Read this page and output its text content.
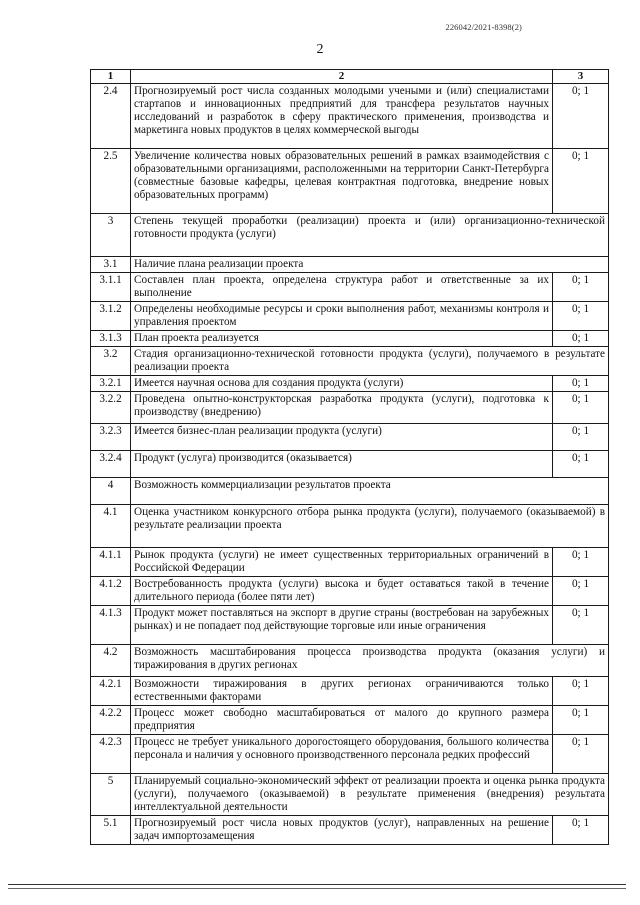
226042/2021-8398(2)
2
1	2	3
2.4	Прогнозируемый рост числа созданных молодыми учеными и (или) специалистами стартапов и инновационных предприятий для трансфера результатов научных исследований и разработок в сферу практического применения, производства и маркетинга новых продуктов в целях коммерческой выгоды	0; 1
2.5	Увеличение количества новых образовательных решений в рамках взаимодействия с образовательными организациями, расположенными на территории Санкт-Петербурга (совместные базовые кафедры, целевая контрактная подготовка, внедрение новых образовательных программ)	0; 1
3	Степень текущей проработки (реализации) проекта и (или) организационно-технической готовности продукта (услуги)	
3.1	Наличие плана реализации проекта	
3.1.1	Составлен план проекта, определена структура работ и ответственные за их выполнение	0; 1
3.1.2	Определены необходимые ресурсы и сроки выполнения работ, механизмы контроля и управления проектом	0; 1
3.1.3	План проекта реализуется	0; 1
3.2	Стадия организационно-технической готовности продукта (услуги), получаемого в результате реализации проекта	
3.2.1	Имеется научная основа для создания продукта (услуги)	0; 1
3.2.2	Проведена опытно-конструкторская разработка продукта (услуги), подготовка к производству (внедрению)	0; 1
3.2.3	Имеется бизнес-план реализации продукта (услуги)	0; 1
3.2.4	Продукт (услуга) производится (оказывается)	0; 1
4	Возможность коммерциализации результатов проекта	
4.1	Оценка участником конкурсного отбора рынка продукта (услуги), получаемого (оказываемой) в результате реализации проекта	
4.1.1	Рынок продукта (услуги) не имеет существенных территориальных ограничений в Российской Федерации	0; 1
4.1.2	Востребованность продукта (услуги) высока и будет оставаться такой в течение длительного периода (более пяти лет)	0; 1
4.1.3	Продукт может поставляться на экспорт в другие страны (востребован на зарубежных рынках) и не попадает под действующие торговые или иные ограничения	0; 1
4.2	Возможность масштабирования процесса производства продукта (оказания услуги) и тиражирования в других регионах	
4.2.1	Возможности тиражирования в других регионах ограничиваются только естественными факторами	0; 1
4.2.2	Процесс может свободно масштабироваться от малого до крупного размера предприятия	0; 1
4.2.3	Процесс не требует уникального дорогостоящего оборудования, большого количества персонала и наличия у основного производственного персонала редких профессий	0; 1
5	Планируемый социально-экономический эффект от реализации проекта и оценка рынка продукта (услуги), получаемого (оказываемой) в результате применения (внедрения) результата интеллектуальной деятельности	
5.1	Прогнозируемый рост числа новых продуктов (услуг), направленных на решение задач импортозамещения	0; 1
